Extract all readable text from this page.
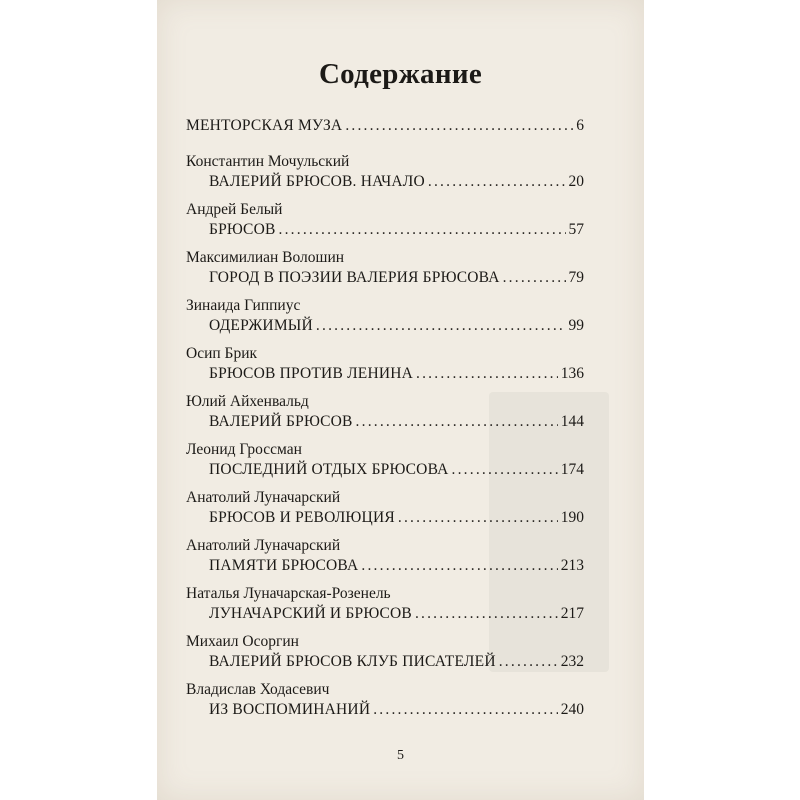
Содержание
МЕНТОРСКАЯ МУЗА .....	6
Константин Мочульский
ВАЛЕРИЙ БРЮСОВ. НАЧАЛО .....	20
Андрей Белый
БРЮСОВ .....	57
Максимилиан Волошин
ГОРОД В ПОЭЗИИ ВАЛЕРИЯ БРЮСОВА .....	79
Зинаида Гиппиус
ОДЕРЖИМЫЙ .....	99
Осип Брик
БРЮСОВ ПРОТИВ ЛЕНИНА .....	136
Юлий Айхенвальд
ВАЛЕРИЙ БРЮСОВ .....	144
Леонид Гроссман
ПОСЛЕДНИЙ ОТДЫХ БРЮСОВА .....	174
Анатолий Луначарский
БРЮСОВ И РЕВОЛЮЦИЯ .....	190
Анатолий Луначарский
ПАМЯТИ БРЮСОВА .....	213
Наталья Луначарская-Розенель
ЛУНАЧАРСКИЙ И БРЮСОВ .....	217
Михаил Осоргин
ВАЛЕРИЙ БРЮСОВ КЛУБ ПИСАТЕЛЕЙ .....	232
Владислав Ходасевич
ИЗ ВОСПОМИНАНИЙ .....	240
5
